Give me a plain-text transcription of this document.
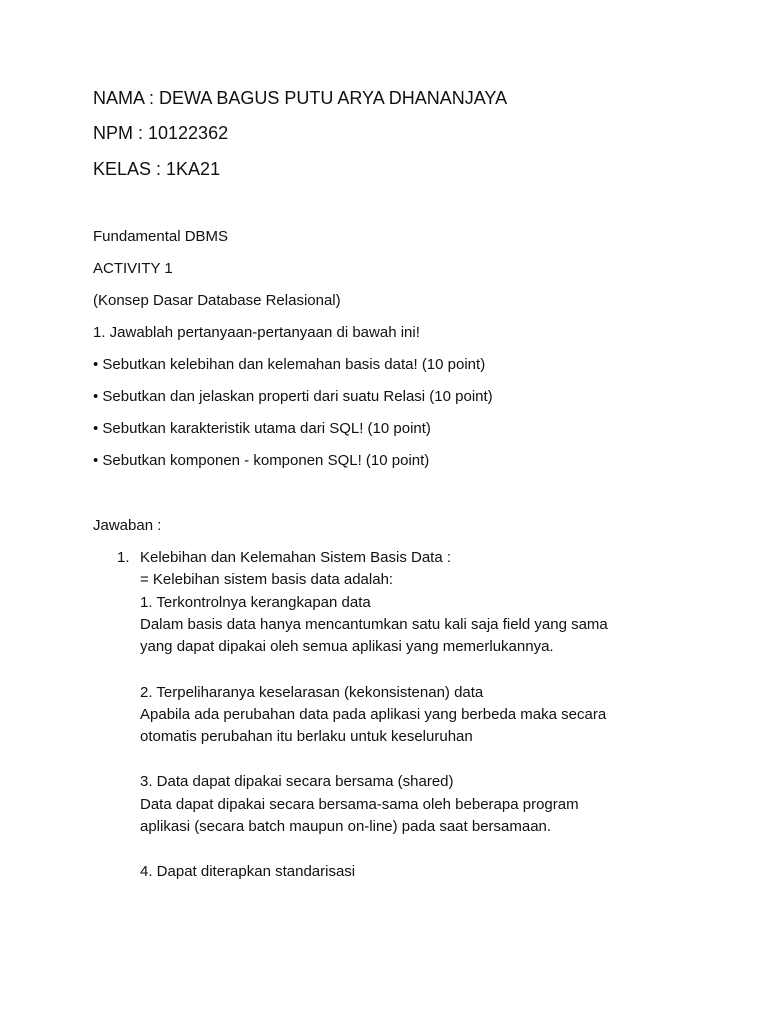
NAMA : DEWA BAGUS PUTU ARYA DHANANJAYA
NPM : 10122362
KELAS : 1KA21
Fundamental DBMS
ACTIVITY 1
(Konsep Dasar Database Relasional)
1. Jawablah pertanyaan-pertanyaan di bawah ini!
• Sebutkan kelebihan dan kelemahan basis data! (10 point)
• Sebutkan dan jelaskan properti dari suatu Relasi (10 point)
• Sebutkan karakteristik utama dari SQL! (10 point)
• Sebutkan komponen - komponen SQL! (10 point)
Jawaban :
1. Kelebihan dan Kelemahan Sistem Basis Data :
= Kelebihan sistem basis data adalah:
1. Terkontrolnya kerangkapan data
Dalam basis data hanya mencantumkan satu kali saja field yang sama
yang dapat dipakai oleh semua aplikasi yang memerlukannya.
2. Terpeliharanya keselarasan (kekonsistenan) data
Apabila ada perubahan data pada aplikasi yang berbeda maka secara
otomatis perubahan itu berlaku untuk keseluruhan
3. Data dapat dipakai secara bersama (shared)
Data dapat dipakai secara bersama-sama oleh beberapa program
aplikasi (secara batch maupun on-line) pada saat bersamaan.
4. Dapat diterapkan standarisasi
